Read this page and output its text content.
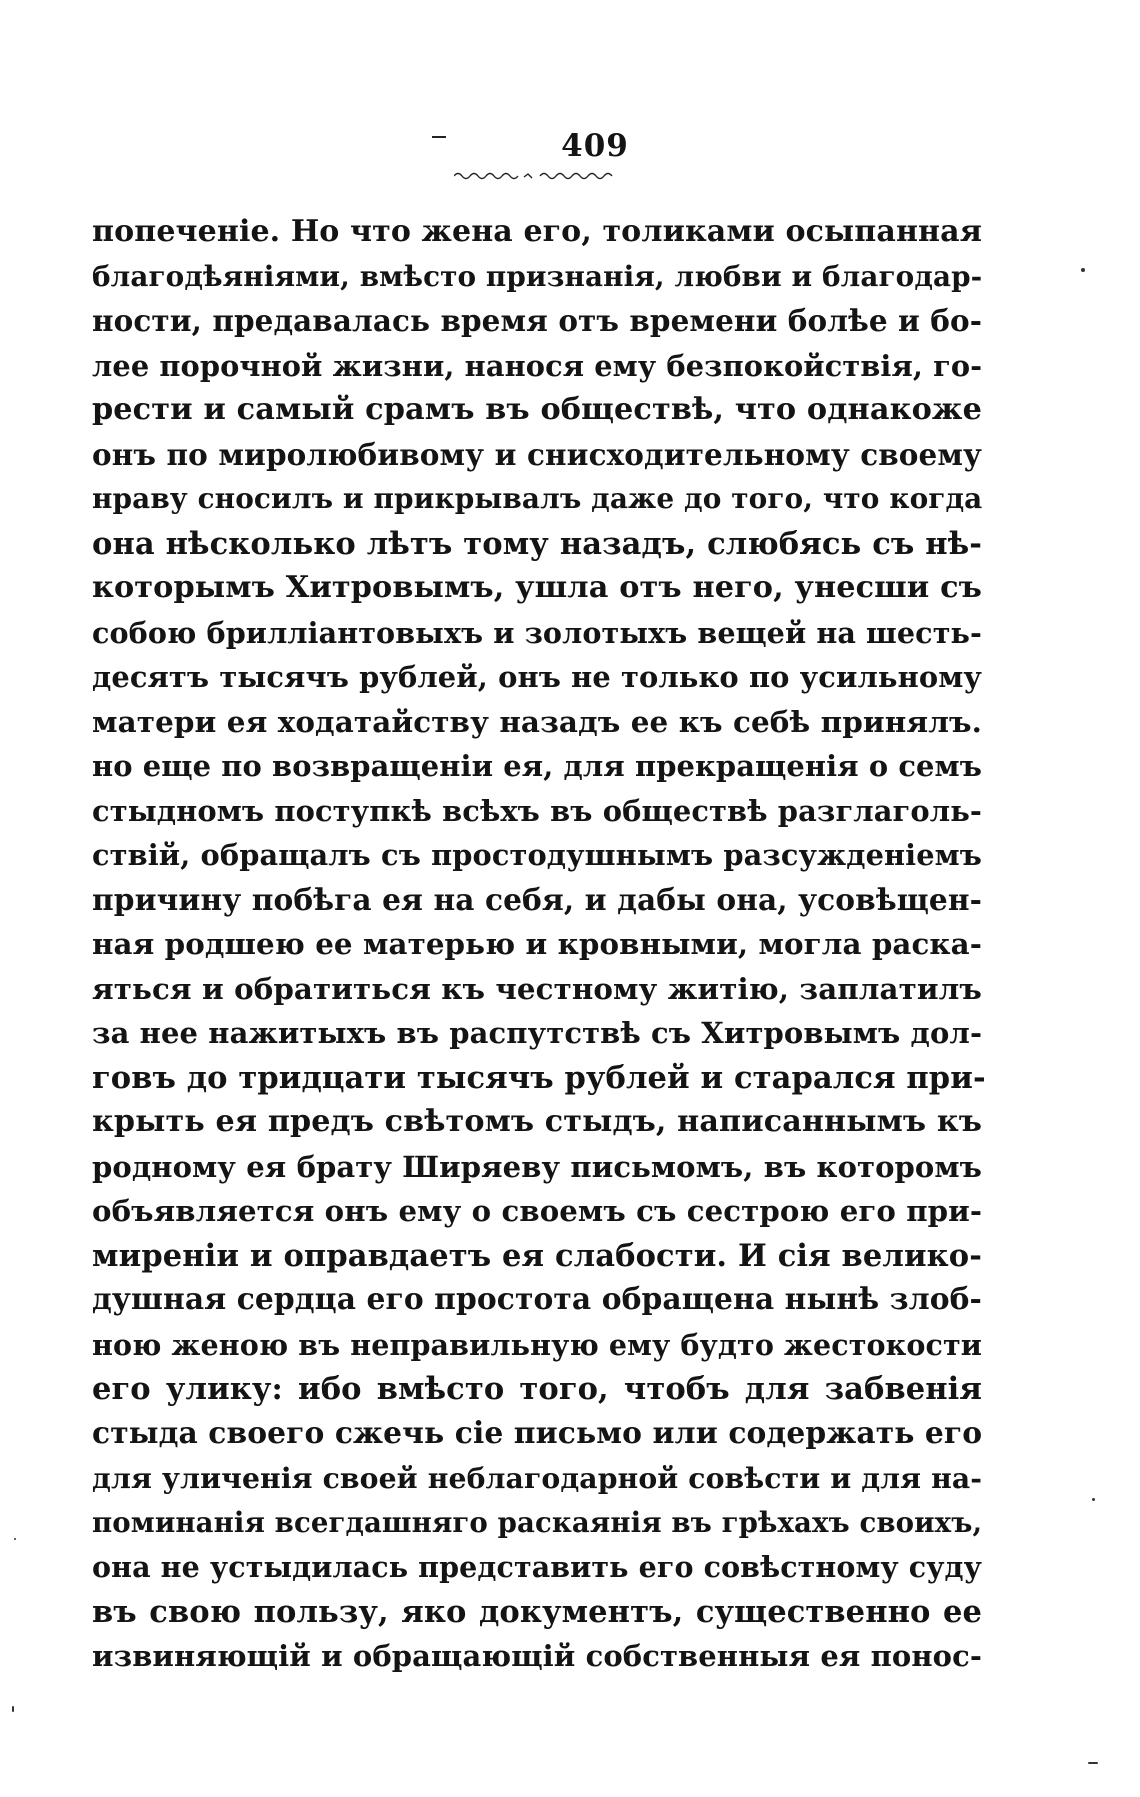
409
попеченіе. Но что жена его, толиками осыпанная
благодѣяніями, вмѣсто признанія, любви и благодар-
ности, предавалась время отъ времени болѣе и бо-
лее порочной жизни, нанося ему безпокойствія, го-
рести и самый срамъ въ обществѣ, что однакоже
онъ по миролюбивому и снисходительному своему
нраву сносилъ и прикрывалъ даже до того, что когда
она нѣсколько лѣтъ тому назадъ, слюбясь съ нѣ-
которымъ Хитровымъ, ушла отъ него, унесши съ
собою бриллiантовыхъ и золотыхъ вещей на шесть-
десятъ тысячъ рублей, онъ не только по усильному
матери ея ходатайству назадъ ее къ себѣ принялъ.
но еще по возвращеніи ея, для прекращенія о семъ
стыдномъ поступкѣ всѣхъ въ обществѣ разглаголь-
ствій, обращалъ съ простодушнымъ разсужденіемъ
причину побѣга ея на себя, и дабы она, усовѣщен-
ная родшею ее матерью и кровными, могла раска-
яться и обратиться къ честному житію, заплатилъ
за нее нажитыхъ въ распутствѣ съ Хитровымъ дол-
говъ до тридцати тысячъ рублей и старался при-
крыть ея предъ свѣтомъ стыдъ, написаннымъ къ
родному ея брату Ширяеву письмомъ, въ которомъ
объявляется онъ ему о своемъ съ сестрою его при-
миреніи и оправдаетъ ея слабости. И сія велико-
душная сердца его простота обращена нынѣ злоб-
ною женою въ неправильную ему будто жестокости
его улику: ибо вмѣсто того, чтобъ для забвенія
стыда своего сжечь сіе письмо или содержать его
для уличенія своей неблагодарной совѣсти и для на-
поминанія всегдашняго раскаянія въ грѣхахъ своихъ,
она не устыдилась представить его совѣстному суду
въ свою пользу, яко документъ, существенно ее
извиняющій и обращающій собственныя ея понос-
